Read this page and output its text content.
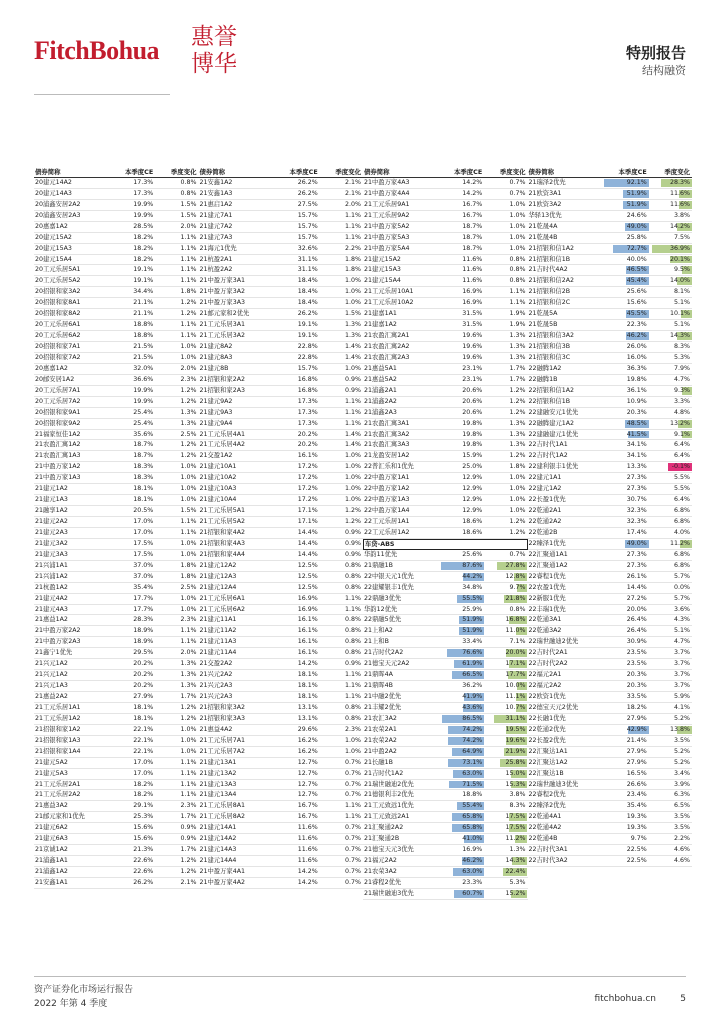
FitchBohua 惠誉博华	特别报告
结构融资
债券简称	本季度CE	季度变化
20建元14A2	17.3%	0.8%
20建元14A3	17.3%	0.8%
20浦鑫安居2A2	19.9%	1.5%
20浦鑫安居2A3	19.9%	1.5%
20惠嘉1A2	28.5%	2.0%
20建元15A2	18.2%	1.1%
20建元15A3	18.2%	1.1%
20建元15A4	18.2%	1.1%
20工元乐居5A1	19.1%	1.1%
20工元乐居5A2	19.1%	1.1%
20招银和家3A2	34.4%	1.8%
20招银和家8A1	21.1%	1.2%
20招银和家8A2	21.1%	1.2%
20工元乐居6A1	18.8%	1.1%
20工元乐居6A2	18.8%	1.1%
20招银和家7A1	21.5%	1.0%
20招银和家7A2	21.5%	1.0%
20惠嘉1A2	32.0%	2.0%
20邮安居1A2	36.6%	2.3%
20工元乐居7A1	19.9%	1.2%
20工元乐居7A2	19.9%	1.2%
20招银和家9A1	25.4%	1.3%
20招银和家9A2	25.4%	1.3%
21福家恒佳1A2	35.6%	2.5%
21农盈汇寓1A2	18.7%	1.2%
21农盈汇寓1A3	18.7%	1.2%
21中盈万家1A2	18.3%	1.0%
21中盈万家1A3	18.3%	1.0%
21建元1A2	18.1%	1.0%
21建元1A3	18.1%	1.0%
21融享1A2	20.5%	1.5%
21建元2A2	17.0%	1.1%
21建元2A3	17.0%	1.1%
21建元3A2	17.5%	1.0%
21建元3A3	17.5%	1.0%
21兴浦1A1	37.0%	1.8%
21兴浦1A2	37.0%	1.8%
21杭盈1A2	35.4%	2.5%
21建元4A2	17.7%	1.0%
21建元4A3	17.7%	1.0%
21惠益1A2	28.3%	2.3%
21中盈万家2A2	18.9%	1.1%
21中盈万家2A3	18.9%	1.1%
21鑫宁1优先	29.5%	2.0%
21兴元1A2	20.2%	1.3%
21兴元1A2	20.2%	1.3%
21兴元1A3	20.2%	1.3%
21惠益2A2	27.9%	1.7%
21工元乐居1A1	18.1%	1.2%
21工元乐居1A2	18.1%	1.2%
21招银和家1A2	22.1%	1.0%
21招银和家1A3	22.1%	1.0%
21招银和家1A4	22.1%	1.0%
21建元5A2	17.0%	1.1%
21建元5A3	17.0%	1.1%
21工元乐居2A1	18.2%	1.1%
21工元乐居2A2	18.2%	1.1%
21惠益3A2	29.1%	2.3%
21邮元家和1优先	25.3%	1.7%
21建元6A2	15.6%	0.9%
21建元6A3	15.6%	0.9%
21京诚1A2	21.3%	1.7%
21浦鑫1A1	22.6%	1.2%
21浦鑫1A2	22.6%	1.2%
21安鑫1A1	26.2%	2.1%
债券简称	本季度CE	季度变化
21安鑫1A2	26.2%	2.1%
21安鑫1A3	26.2%	2.1%
21惠启1A2	27.5%	2.0%
21建元7A1	15.7%	1.1%
21建元7A2	15.7%	1.1%
21建元7A3	15.7%	1.1%
21海元1优先	32.6%	2.2%
21杭盈2A1	31.1%	1.8%
21杭盈2A2	31.1%	1.8%
21中盈万家3A1	18.4%	1.0%
21中盈万家3A2	18.4%	1.0%
21中盈万家3A3	18.4%	1.0%
21邮元家和2优先	26.2%	1.5%
21工元乐居3A1	19.1%	1.3%
21工元乐居3A2	19.1%	1.3%
21建元8A2	22.8%	1.4%
21建元8A3	22.8%	1.4%
21建元8B	15.7%	1.0%
21招银和家2A2	16.8%	0.9%
21招银和家2A3	16.8%	0.9%
21建元9A2	17.3%	1.1%
21建元9A3	17.3%	1.1%
21建元9A4	17.3%	1.1%
21工元乐居4A1	20.2%	1.4%
21工元乐居4A2	20.2%	1.4%
21交盈1A2	16.1%	1.0%
21建元10A1	17.2%	1.0%
21建元10A2	17.2%	1.0%
21建元10A3	17.2%	1.0%
21建元10A4	17.2%	1.0%
21工元乐居5A1	17.1%	1.2%
21工元乐居5A2	17.1%	1.2%
21招银和家4A2	14.4%	0.9%
21招银和家4A3	14.4%	0.9%
21招银和家4A4	14.4%	0.9%
21建元12A2	12.5%	0.8%
21建元12A3	12.5%	0.8%
21建元12A4	12.5%	0.8%
21工元乐居6A1	16.9%	1.1%
21工元乐居6A2	16.9%	1.1%
21建元11A1	16.1%	0.8%
21建元11A2	16.1%	0.8%
21建元11A3	16.1%	0.8%
21建元11A4	16.1%	0.8%
21交盈2A2	14.2%	0.9%
21兴元2A2	18.1%	1.1%
21兴元2A3	18.1%	1.1%
21兴元2A3	18.1%	1.1%
21招银和家3A2	13.1%	0.8%
21招银和家3A3	13.1%	0.8%
21惠益4A2	29.6%	2.3%
21工元乐居7A1	16.2%	1.0%
21工元乐居7A2	16.2%	1.0%
21建元13A1	12.7%	0.7%
21建元13A2	12.7%	0.7%
21建元13A3	12.7%	0.7%
21建元13A4	12.7%	0.7%
21工元乐居8A1	16.7%	1.1%
21工元乐居8A2	16.7%	1.1%
21建元14A1	11.6%	0.7%
21建元14A2	11.6%	0.7%
21建元14A3	11.6%	0.7%
21建元14A4	11.6%	0.7%
21中盈万家4A1	14.2%	0.7%
21中盈万家4A2	14.2%	0.7%
债券简称	本季度CE	季度变化
21中盈万家4A3	14.2%	0.7%
21中盈万家4A4	14.2%	0.7%
21工元乐居9A1	16.7%	1.0%
21工元乐居9A2	16.7%	1.0%
21中盈万家5A2	18.7%	1.0%
21中盈万家5A3	18.7%	1.0%
21中盈万家5A4	18.7%	1.0%
21建元15A2	11.6%	0.8%
21建元15A3	11.6%	0.8%
21建元15A4	11.6%	0.8%
21工元乐居10A1	16.9%	1.1%
21工元乐居10A2	16.9%	1.1%
21建嘉1A1	31.5%	1.9%
21建嘉1A2	31.5%	1.9%
21农盈汇寓2A1	19.6%	1.3%
21农盈汇寓2A2	19.6%	1.3%
21农盈汇寓2A3	19.6%	1.3%
21惠益5A1	23.1%	1.7%
21惠益5A2	23.1%	1.7%
21浦鑫2A1	20.6%	1.2%
21浦鑫2A2	20.6%	1.2%
21浦鑫2A3	20.6%	1.2%
21农盈汇寓3A1	19.8%	1.3%
21农盈汇寓3A2	19.8%	1.3%
21农盈汇寓3A3	19.8%	1.3%
21龙盈安居1A2	15.9%	1.2%
22普汇乐和1优先	25.0%	1.8%
22中盈万家1A1	12.9%	1.0%
22中盈万家1A2	12.9%	1.0%
22中盈万家1A3	12.9%	1.0%
22中盈万家1A4	12.9%	1.0%
22工元乐居1A1	18.6%	1.2%
22工元乐居1A2	18.6%	1.2%
车贷-ABS
华韵11优先	25.6%	0.7%
21鼎融1B	87.6%	27.8%
22中银天元1优先	44.2%	12.8%
22建耀银丰1优先	34.8%	9.7%
22鼎融3优先	55.5%	21.8%
华韵12优先	25.9%	0.8%
22鼎融5优先	51.9%	16.8%
21上和A2	51.9%	11.0%
21上和B	33.4%	7.1%
21吉时代2A2	76.6%	20.0%
21德宝天元2A2	61.9%	17.1%
21鼎晖4A	66.5%	17.7%
21鼎晖4B	36.2%	10.0%
21中融2优先	41.9%	11.1%
21丰耀2优先	43.6%	10.7%
21农汇3A2	86.5%	31.1%
21农荣2A1	74.2%	19.5%
21农荣2A2	74.2%	19.6%
21中盈2A2	64.9%	21.9%
21长融1B	73.1%	25.8%
21吉时代1A2	63.0%	15.0%
21瑞世融迪2优先	71.5%	15.3%
21德银利丰2优先	18.8%	3.8%
21工元致远1优先	55.4%	8.3%
21工元致远2A1	65.8%	17.5%
21汇聚通2A2	65.8%	17.5%
21汇聚通2B	41.0%	11.2%
21德宝天元3优先	16.9%	1.3%
21福元2A2	46.2%	14.3%
21农荣3A2	63.0%	22.4%
21睿程2优先	23.3%	5.3%
21瑞世融迪3优先	60.7%	15.2%
债券简称	本季度CE	季度变化
21瑞泽2优先	92.1%	28.3%
21欧资3A1	51.9%	11.6%
21欧资3A2	51.9%	11.6%
华驿13优先	24.6%	3.8%
21乾晟4A	49.0%	14.2%
21乾晟4B	25.8%	7.5%
21招银和信1A2	72.7%	36.9%
21招银和信1B	40.0%	20.1%
21吉时代4A2	46.5%	9.5%
21招银和信2A2	45.4%	14.0%
21招银和信2B	25.6%	8.1%
21招银和信2C	15.6%	5.1%
21乾晟5A	45.5%	10.1%
21乾晟5B	22.3%	5.1%
21招银和信3A2	46.2%	14.3%
21招银和信3B	26.0%	8.3%
21招银和信3C	16.0%	5.3%
22融腾1A2	36.3%	7.9%
22融腾1B	19.8%	4.7%
22招银和信1A2	36.1%	9.3%
22招银和信1B	10.9%	3.3%
22建融安元1优先	20.3%	4.8%
22融腾建元1A2	48.5%	13.2%
22建融建元1优先	41.5%	9.1%
22吉时代1A1	34.1%	6.4%
22吉时代1A2	34.1%	6.4%
22建利银丰1优先	13.3%	-0.1%
22建元1A1	27.3%	5.5%
22建元1A2	27.3%	5.5%
22长盈1优先	30.7%	6.4%
22乾通2A1	32.3%	6.8%
22乾通2A2	32.3%	6.8%
22乾通2B	17.4%	4.0%
22臻泽1优先	49.0%	11.2%
22汇聚通1A1	27.3%	6.8%
22汇聚通1A2	27.3%	6.8%
22睿程1优先	26.1%	5.7%
22农盈1优先	14.4%	0.0%
22新服1优先	27.2%	5.7%
22丰瑞1优先	20.0%	3.6%
22乾通3A1	26.4%	4.3%
22乾通3A2	26.4%	5.1%
22瑞世融迪2优先	30.9%	4.7%
22吉时代2A1	23.5%	3.7%
22吉时代2A2	23.5%	3.7%
22福元2A1	20.3%	3.7%
22福元2A2	20.3%	3.7%
22欧资1优先	33.5%	5.9%
22德宝天元2优先	18.2%	4.1%
22长融1优先	27.9%	5.2%
22乾通2优先	42.9%	13.8%
22长盈2优先	21.4%	3.5%
22汇聚达1A1	27.9%	5.2%
22汇聚达1A2	27.9%	5.2%
22汇聚达1B	16.5%	3.4%
22瑞世融迪3优先	26.6%	3.9%
22睿程2优先	23.4%	6.3%
22臻泽2优先	35.4%	6.5%
22乾通4A1	19.3%	3.5%
22乾通4A2	19.3%	3.5%
22乾通4B	9.7%	2.2%
22吉时代3A1	22.5%	4.6%
22吉时代3A2	22.5%	4.6%
资产证券化市场运行报告
2022 年第 4 季度	fitchbohua.cn	5
